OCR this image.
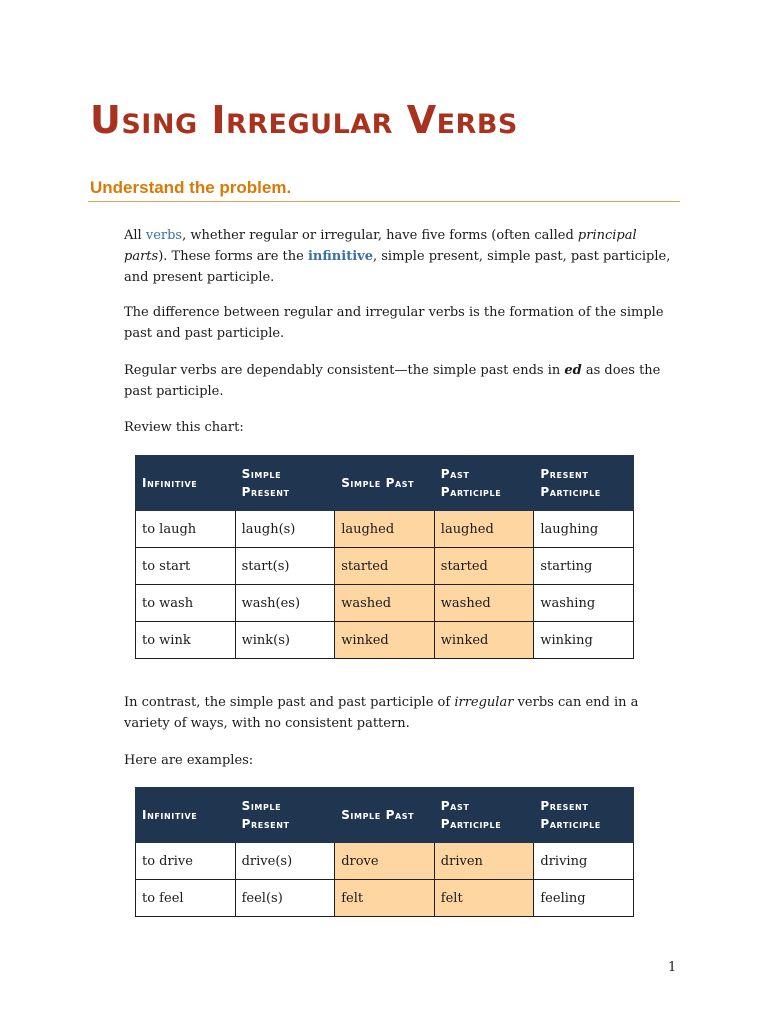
Using Irregular Verbs
Understand the problem.

All verbs, whether regular or irregular, have five forms (often called principal parts). These forms are the infinitive, simple present, simple past, past participle, and present participle.

The difference between regular and irregular verbs is the formation of the simple past and past participle.

Regular verbs are dependably consistent—the simple past ends in ed as does the past participle.

Review this chart:

Infinitive	Simple Present	Simple Past	Past Participle	Present Participle
to laugh	laugh(s)	laughed	laughed	laughing
to start	start(s)	started	started	starting
to wash	wash(es)	washed	washed	washing
to wink	wink(s)	winked	winked	winking

In contrast, the simple past and past participle of irregular verbs can end in a variety of ways, with no consistent pattern.

Here are examples:

Infinitive	Simple Present	Simple Past	Past Participle	Present Participle
to drive	drive(s)	drove	driven	driving
to feel	feel(s)	felt	felt	feeling
1
